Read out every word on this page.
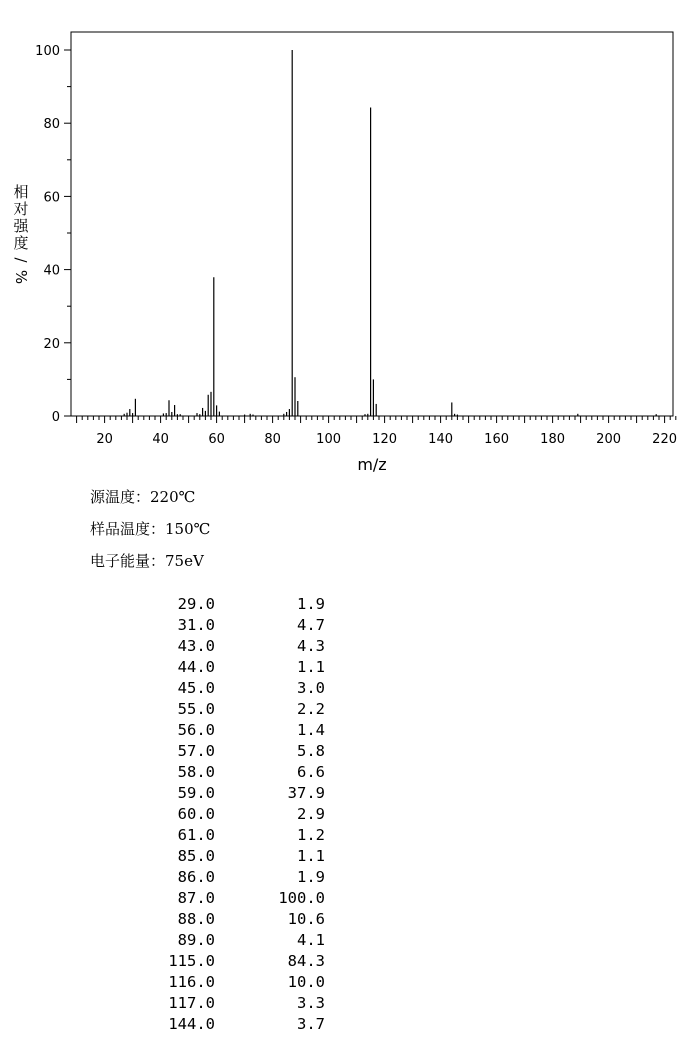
20	40	60	80	100 120 140 160 180 200 220
0
20
40
60
80
100
m/z
相
对
强
度
/
%
源温度：220℃
样品温度：150℃
电子能量：75eV
29.0	1.9
31.0	4.7
43.0	4.3
44.0	1.1
45.0	3.0
55.0	2.2
56.0	1.4
57.0	5.8
58.0	6.6
59.0	37.9
60.0	2.9
61.0	1.2
85.0	1.1
86.0	1.9
87.0	100.0
88.0	10.6
89.0	4.1
115.0	84.3
116.0	10.0
117.0	3.3
144.0	3.7
